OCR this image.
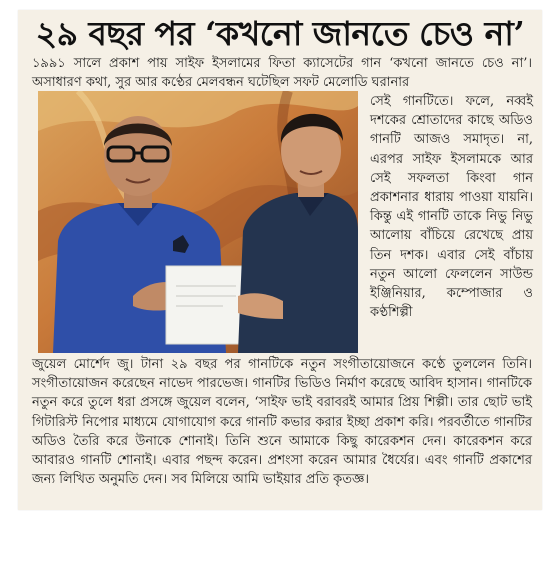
২৯ বছর পর ‘কখনো জানতে চেও না’

১৯৯১ সালে প্রকাশ পায় সাইফ ইসলামের ফিতা ক্যাসেটের গান ‘কখনো জানতে চেও না’। অসাধারণ কথা, সুর আর কণ্ঠের মেলবন্ধন ঘটেছিল সফট মেলোডি ঘরানার

সেই গানটিতে। ফলে, নব্বই দশকের শ্রোতাদের কাছে অডিও গানটি আজও সমাদৃত। না, এরপর সাইফ ইসলামকে আর সেই সফলতা কিংবা গান প্রকাশনার ধারায় পাওয়া যায়নি। কিন্তু এই গানটি তাকে নিভু নিভু আলোয় বাঁচিয়ে রেখেছে প্রায় তিন দশক। এবার সেই বাঁচায় নতুন আলো ফেললেন সাউন্ড ইঞ্জিনিয়ার, কম্পোজার ও কণ্ঠশিল্পী

জুয়েল মোর্শেদ জু। টানা ২৯ বছর পর গানটিকে নতুন সংগীতায়োজনে কণ্ঠে তুললেন তিনি। সংগীতায়োজন করেছেন নাভেদ পারভেজ। গানটির ভিডিও নির্মাণ করেছে আবিদ হাসান। গানটিকে নতুন করে তুলে ধরা প্রসঙ্গে জুয়েল বলেন, ‘সাইফ ভাই বরাবরই আমার প্রিয় শিল্পী। তার ছোট ভাই গিটারিস্ট নিপোর মাধ্যমে যোগাযোগ করে গানটি কভার করার ইচ্ছা প্রকাশ করি। পরবর্তীতে গানটির অডিও তৈরি করে উনাকে শোনাই। তিনি শুনে আমাকে কিছু কারেকশন দেন। কারেকশন করে আবারও গানটি শোনাই। এবার পছন্দ করেন। প্রশংসা করেন আমার ধৈর্যের। এবং গানটি প্রকাশের জন্য লিখিত অনুমতি দেন। সব মিলিয়ে আমি ভাইয়ার প্রতি কৃতজ্ঞ।
